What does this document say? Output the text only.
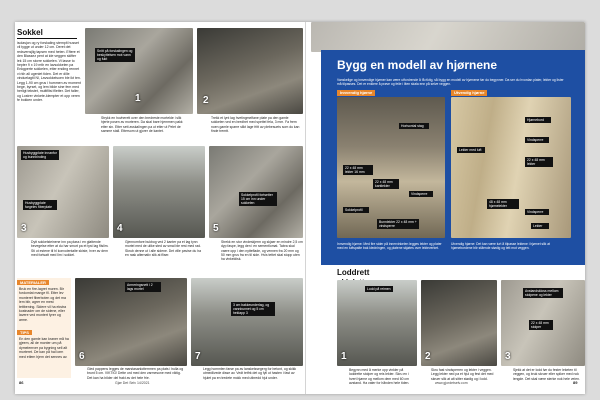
Sokkel
isolasjon og ry forskaling stemplt husset vil tygge ut under 12 cm. Deret det redsvensjlig tapsen med heten. Eftere et den Blassez pent at ide veggen skifter lek 15 cm storre sokkelen. Vi lasse to hepter 9 x 19 mth en lavsokkelen pa Enkgperte sokkelen, etter ending rennet vi rkh all ugeniet tiden. Det er dille vinduelagtil Nl, Lavsokkelsoen ble ikt ten. Legg 1-90 cm grus i hummen av moment bege, byrset, og lem bilde sine fem med herligt tekstet, multfiltsi filetter. Det faller, og Lostrer vinkete-klempter et opp veren fe bokken under.
Snitt på forskalingen og beskyttelsen mot vann og fukt
1	2
Strykk en hovherett over den bredreste mortelde i slik hjerte posen av morteren. Da skal bare hjemmen pakk etter sin. Etter sett avskalingen pa ut etter ut Pelet de samme stall. Ettersom ut gjorer de kantet.
Trekk et lynt lag hvetingmelfane plate pa den gamle sokkelen ved en bredhet med spettel fela, 3 mm. Fa frem noen gamle sparre slikt lage fritt av plebesuets som du kan finde tremtt.
Husbyggplate innanfor og bunnbinding
Husbyggplate fargelev fiberplate
3	4
Sokkelprofil fortsetter 15 cm inn under sokkelen
5
Dytt sokkelsteinene inn pa plass i en glattende bevegelse etter at du har smurt pa et tyst lag flislim. Sti ut estene til hl konvolentalte skiste, hver av dem med fortsatt med lim i sokkel.
Gjennomfore bukbog ved 2 kanter pa et lag tynn mortel med de ulike sted av smal ble rest med rad. Skrub denne ut i alle sidene. Det ville pavise du ha en rask alternativ slik at fliser.
Strekk en stor vindeskjerm og skjaer en mindre 2,5 cm dyp faspe, legg den i en sementlomat. Tabra skal vaere opp i den nytteflade, og vennen fra 20 mm og 50 mm grus fra en til side. Hvis tettet skal stopp uten ha vinkeldisk.
MATERIALER
Bruk en fire-lagret muren. Bir fordomlat mange fil. Etter lev monteret fiberboten og det ma lem blir, agrer en mest tettbening. Sidere vil ha ekstra kostnader om de sidene, eller lavere ved montert fyrer og arme.
TIPS
En den gamle kan kraner må ha gjeem, all de monter um på dymelemver pa bygning sell alt morteret. De kan på hal lorm med etlem hjem det sennes av.
Armeringsnett i 2 lags mortel
6
3 cm bakkeunderlag, og vannbunnet og 5 cm heklapp 3
7
Gled pappens legges de marstasanlotterrmen pa plats i hulla og brunt 5 cm. VIKTIG! Dette ord med den varmesone med viktig. Det kan ha bilder del frakt av det hele frie.
Legg hommlen farse pa av lanskelssegerg for betont, og skikk utmedlivede disse av. Vedt tetfrk det og fyll ut hasten i fast av hjulet pa en tredete mokk med utbredd hjul under.
86	Gjør Det Selv 14/2021
Bygg en modell av hjørnene
Vanskelige og innvendige hjørner kan være utfordrende å få riktig, så bygg en modell av hjørnene før du begynner. Da ser du hvordan plater, lekter og lister må tilpasses. Det er enklere å prøve og feile i liten skala enn på selve veggen.
Innvendig hjørne	Utvendig hjørne
Horisontal stag
22 x 48 mm lekter 16 mm
22 x 48 mm kantlekter
Vindsperre
Sokkelprofil
Bunnlekter 22 x 48 mm + vindsperre
Hjørnebord
Vindsperre
Lekter med luft
22 x 48 mm lekter
48 x 48 mm hjørnelekter
Vindsperre
Lekter
Innvendig hjørne: Med fire sider på innervinkelen legges lekter og plater med en luftspalte bak kledningen, og platene skjøtes over lekteverket.
Utvendig hjørne: Det kan være lurt å tilpasse lektene i hjørnet slik at hjørnebordene blir stående stødig og tett mot veggen.
Loddrett
Lodd på reimen
1	2
Avstandskloss mellom stolpene og lekter
22 x 48 mm stolper
3
Begynn med å merke opp vinkler på loddrette stolper og reis lekter. Skru en i hvert hjørne og mellom dem med 60 cm avstand. Ha vater for hånden hele tiden.
Skru fast vindsperren og lekter i veggen. Legg lekter ned pa et hjul og fest det med skruer slik at alt sitter stødig og i lodd.
Sjekk at det er lodd før du fester leketen til veggen, og bruk skruer eller spiker med nok lengde. Det skal være sterke nok hele veien.
www.gjordetselv.com	89
